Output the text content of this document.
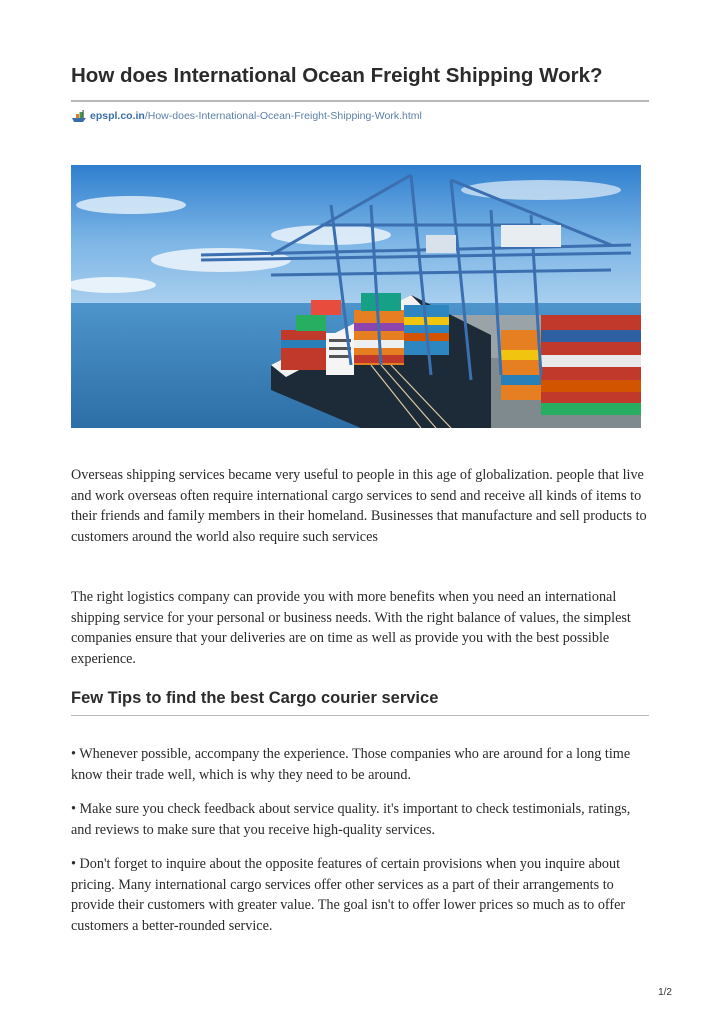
How does International Ocean Freight Shipping Work?
epspl.co.in /How-does-International-Ocean-Freight-Shipping-Work.html

Overseas shipping services became very useful to people in this age of globalization. people that live and work overseas often require international cargo services to send and receive all kinds of items to their friends and family members in their homeland. Businesses that manufacture and sell products to customers around the world also require such services

The right logistics company can provide you with more benefits when you need an international shipping service for your personal or business needs. With the right balance of values, the simplest companies ensure that your deliveries are on time as well as provide you with the best possible experience.

Few Tips to find the best Cargo courier service

• Whenever possible, accompany the experience. Those companies who are around for a long time know their trade well, which is why they need to be around.

• Make sure you check feedback about service quality. it's important to check testimonials, ratings, and reviews to make sure that you receive high-quality services.

• Don't forget to inquire about the opposite features of certain provisions when you inquire about pricing. Many international cargo services offer other services as a part of their arrangements to provide their customers with greater value. The goal isn't to offer lower prices so much as to offer customers a better-rounded service.

1/2
